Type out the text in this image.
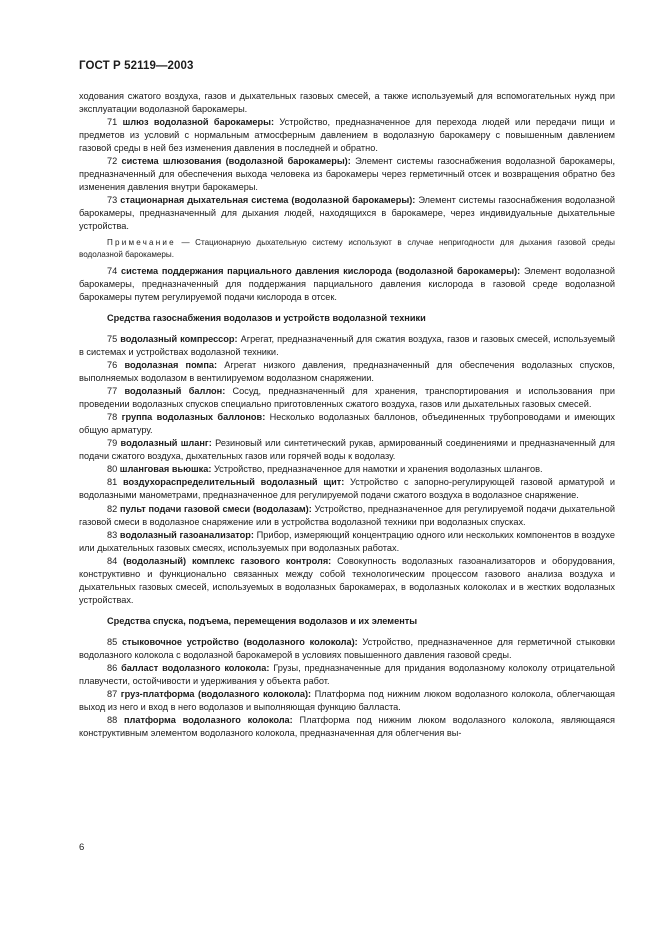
ГОСТ Р 52119—2003

ходования сжатого воздуха, газов и дыхательных газовых смесей, а также используемый для вспомогательных нужд при эксплуатации водолазной барокамеры.

71 шлюз водолазной барокамеры: Устройство, предназначенное для перехода людей или передачи пищи и предметов из условий с нормальным атмосферным давлением в водолазную барокамеру с повышенным давлением газовой среды в ней без изменения давления в последней и обратно.

72 система шлюзования (водолазной барокамеры): Элемент системы газоснабжения водолазной барокамеры, предназначенный для обеспечения выхода человека из барокамеры через герметичный отсек и возвращения обратно без изменения давления внутри барокамеры.

73 стационарная дыхательная система (водолазной барокамеры): Элемент системы газоснабжения водолазной барокамеры, предназначенный для дыхания людей, находящихся в барокамере, через индивидуальные дыхательные устройства.

Примечание — Стационарную дыхательную систему используют в случае непригодности для дыхания газовой среды водолазной барокамеры.

74 система поддержания парциального давления кислорода (водолазной барокамеры): Элемент водолазной барокамеры, предназначенный для поддержания парциального давления кислорода в газовой среде водолазной барокамеры путем регулируемой подачи кислорода в отсек.

Средства газоснабжения водолазов и устройств водолазной техники

75 водолазный компрессор: Агрегат, предназначенный для сжатия воздуха, газов и газовых смесей, используемый в системах и устройствах водолазной техники.

76 водолазная помпа: Агрегат низкого давления, предназначенный для обеспечения водолазных спусков, выполняемых водолазом в вентилируемом водолазном снаряжении.

77 водолазный баллон: Сосуд, предназначенный для хранения, транспортирования и использования при проведении водолазных спусков специально приготовленных сжатого воздуха, газов или дыхательных газовых смесей.

78 группа водолазных баллонов: Несколько водолазных баллонов, объединенных трубопроводами и имеющих общую арматуру.

79 водолазный шланг: Резиновый или синтетический рукав, армированный соединениями и предназначенный для подачи сжатого воздуха, дыхательных газов или горячей воды к водолазу.

80 шланговая вьюшка: Устройство, предназначенное для намотки и хранения водолазных шлангов.

81 воздухораспределительный водолазный щит: Устройство с запорно-регулирующей газовой арматурой и водолазными манометрами, предназначенное для регулируемой подачи сжатого воздуха в водолазное снаряжение.

82 пульт подачи газовой смеси (водолазам): Устройство, предназначенное для регулируемой подачи дыхательной газовой смеси в водолазное снаряжение или в устройства водолазной техники при водолазных спусках.

83 водолазный газоанализатор: Прибор, измеряющий концентрацию одного или нескольких компонентов в воздухе или дыхательных газовых смесях, используемых при водолазных работах.

84 (водолазный) комплекс газового контроля: Совокупность водолазных газоанализаторов и оборудования, конструктивно и функционально связанных между собой технологическим процессом газового анализа воздуха и дыхательных газовых смесей, используемых в водолазных барокамерах, в водолазных колоколах и в жестких водолазных устройствах.

Средства спуска, подъема, перемещения водолазов и их элементы

85 стыковочное устройство (водолазного колокола): Устройство, предназначенное для герметичной стыковки водолазного колокола с водолазной барокамерой в условиях повышенного давления газовой среды.

86 балласт водолазного колокола: Грузы, предназначенные для придания водолазному колоколу отрицательной плавучести, остойчивости и удерживания у объекта работ.

87 груз-платформа (водолазного колокола): Платформа под нижним люком водолазного колокола, облегчающая выход из него и вход в него водолазов и выполняющая функцию балласта.

88 платформа водолазного колокола: Платформа под нижним люком водолазного колокола, являющаяся конструктивным элементом водолазного колокола, предназначенная для облегчения вы-

6
